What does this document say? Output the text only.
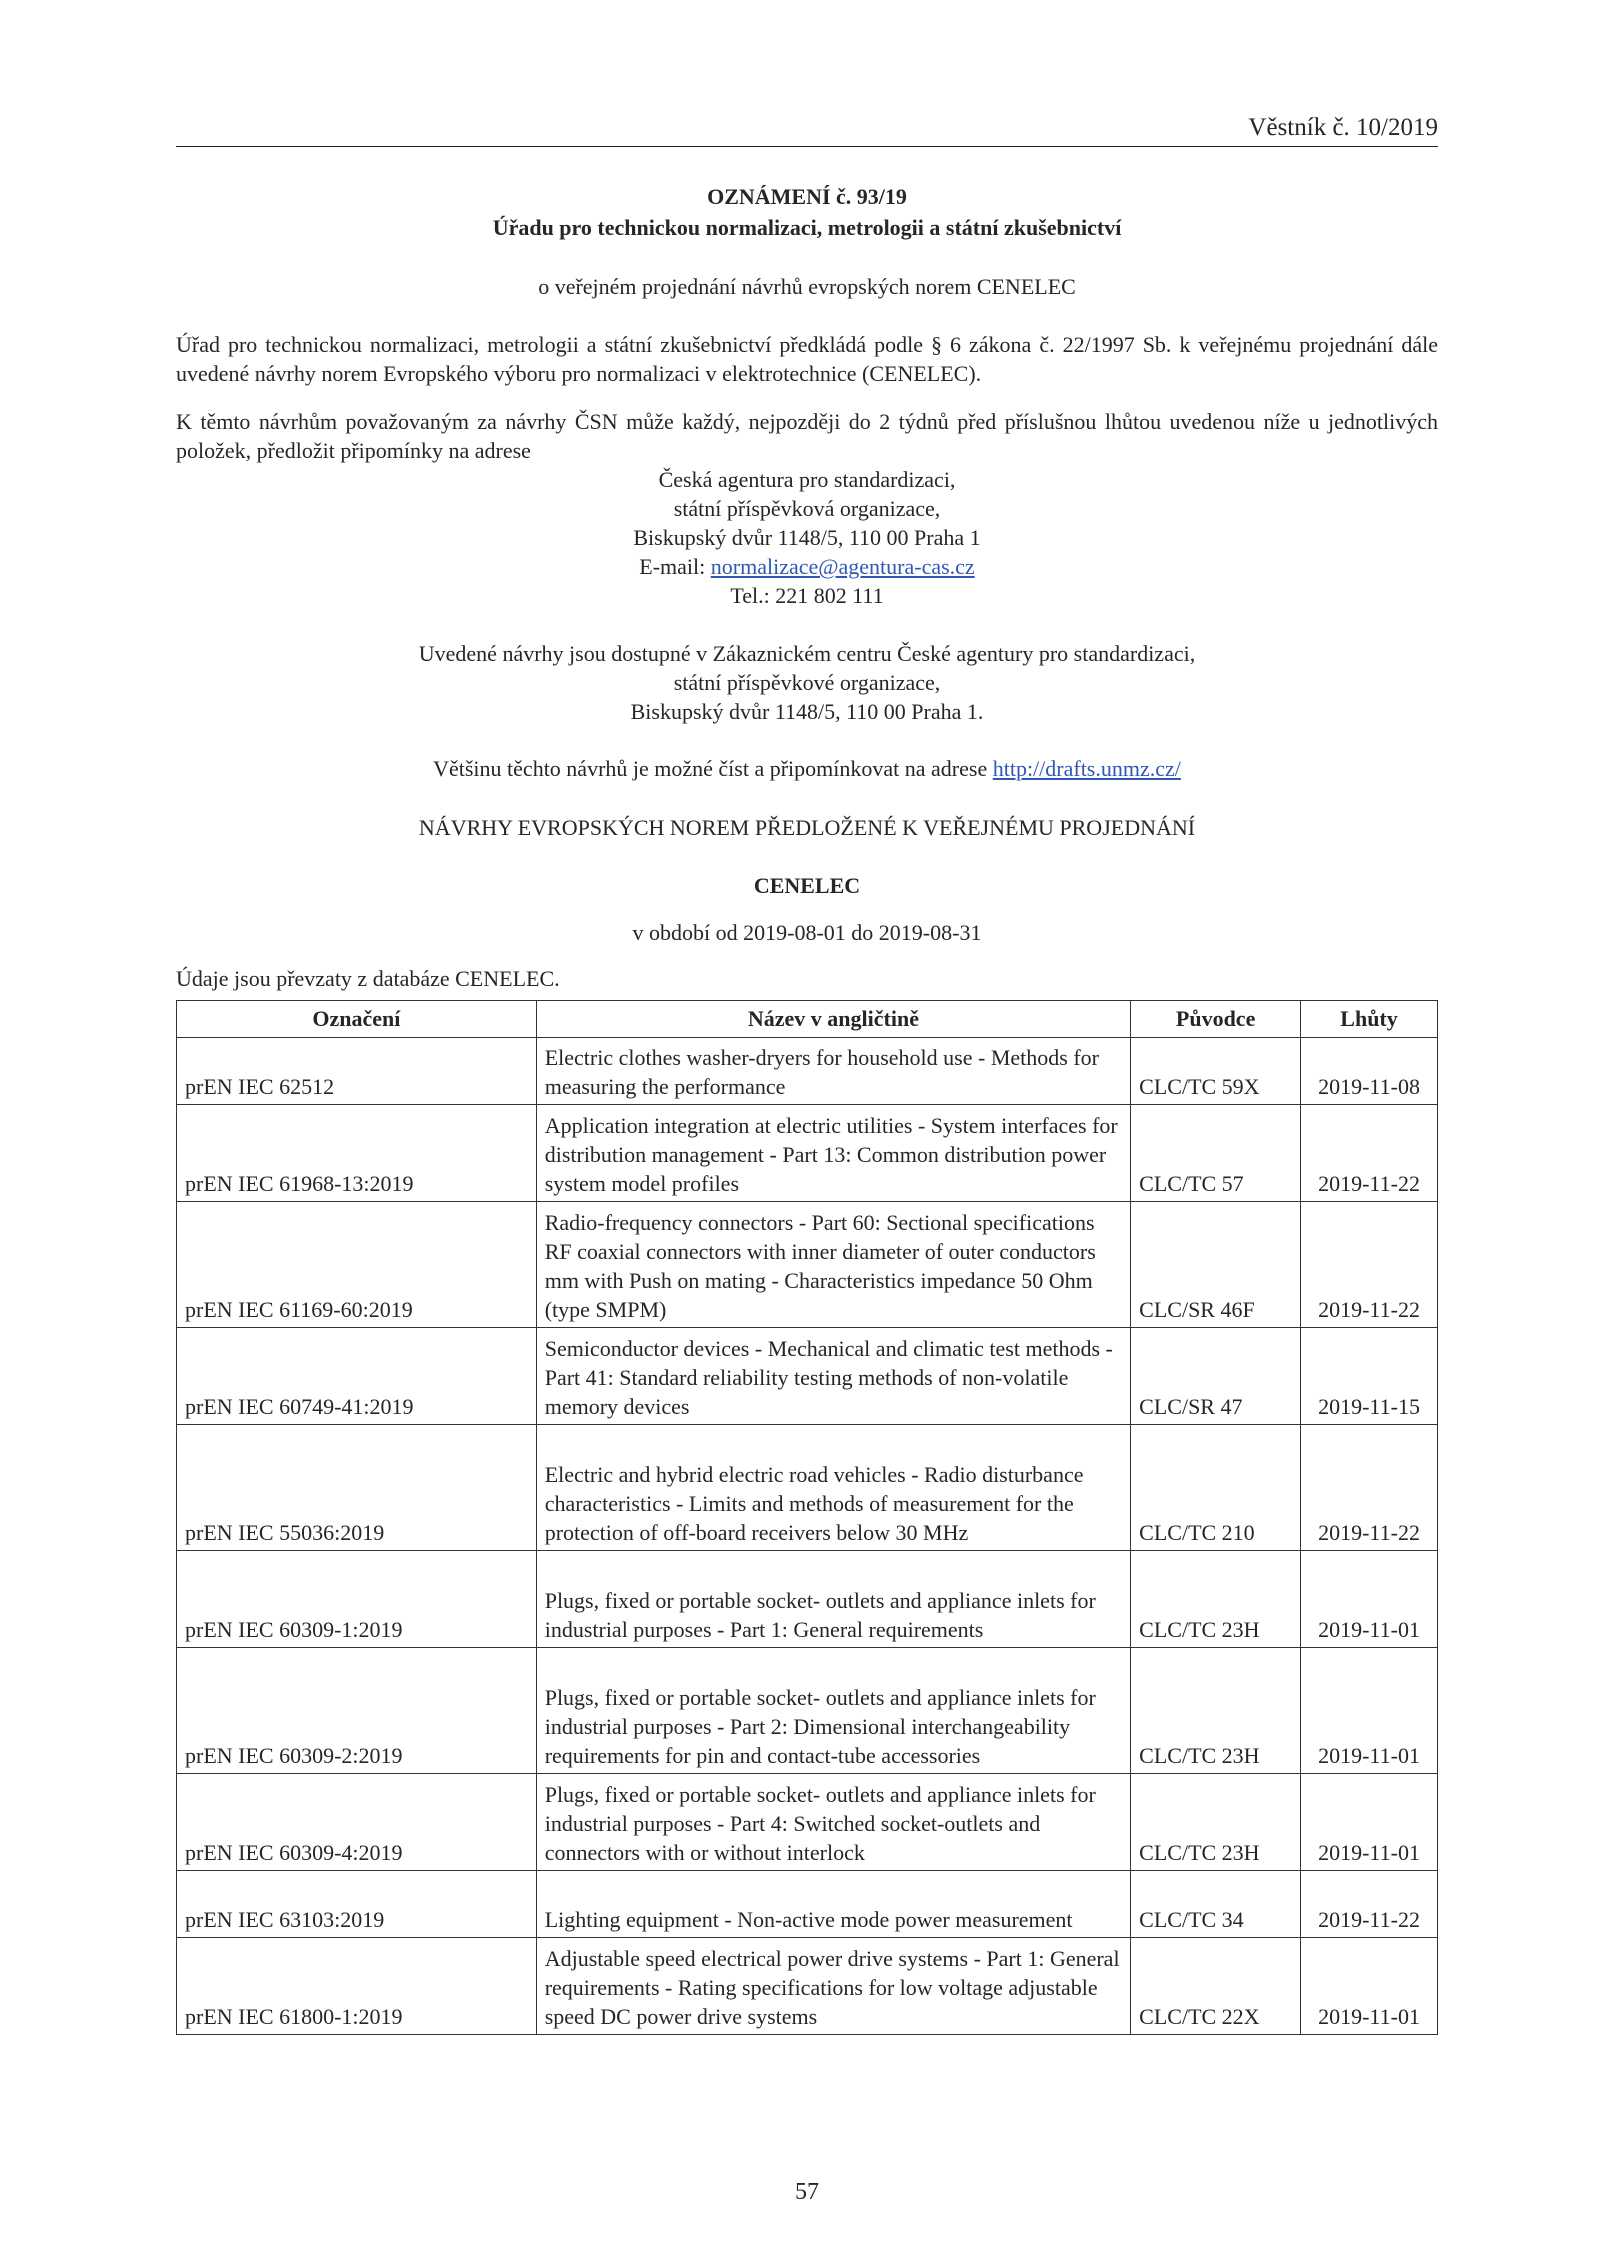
Věstník č. 10/2019
OZNÁMENÍ č. 93/19
Úřadu pro technickou normalizaci, metrologii a státní zkušebnictví
o veřejném projednání návrhů evropských norem CENELEC
Úřad pro technickou normalizaci, metrologii a státní zkušebnictví předkládá podle § 6 zákona č. 22/1997 Sb. k veřejnému projednání dále uvedené návrhy norem Evropského výboru pro normalizaci v elektrotechnice (CENELEC).
K těmto návrhům považovaným za návrhy ČSN může každý, nejpozději do 2 týdnů před příslušnou lhůtou uvedenou níže u jednotlivých položek, předložit připomínky na adrese
Česká agentura pro standardizaci,
státní příspěvková organizace,
Biskupský dvůr 1148/5, 110 00 Praha 1
E-mail: normalizace@agentura-cas.cz
Tel.: 221 802 111
Uvedené návrhy jsou dostupné v Zákaznickém centru České agentury pro standardizaci,
státní příspěvkové organizace,
Biskupský dvůr 1148/5, 110 00 Praha 1.
Většinu těchto návrhů je možné číst a připomínkovat na adrese http://drafts.unmz.cz/
NÁVRHY EVROPSKÝCH NOREM PŘEDLOŽENÉ K VEŘEJNÉMU PROJEDNÁNÍ
CENELEC
v období od 2019-08-01 do 2019-08-31
Údaje jsou převzaty z databáze CENELEC.
Označení	Název v angličtině	Původce	Lhůty
prEN IEC 62512	Electric clothes washer-dryers for household use - Methods for measuring the performance	CLC/TC 59X	2019-11-08
prEN IEC 61968-13:2019	Application integration at electric utilities - System interfaces for distribution management - Part 13: Common distribution power system model profiles	CLC/TC 57	2019-11-22
prEN IEC 61169-60:2019	Radio-frequency connectors - Part 60: Sectional specifications RF coaxial connectors with inner diameter of outer conductors mm with Push on mating - Characteristics impedance 50 Ohm (type SMPM)	CLC/SR 46F	2019-11-22
prEN IEC 60749-41:2019	Semiconductor devices - Mechanical and climatic test methods - Part 41: Standard reliability testing methods of non-volatile memory devices	CLC/SR 47	2019-11-15
prEN IEC 55036:2019	Electric and hybrid electric road vehicles - Radio disturbance characteristics - Limits and methods of measurement for the protection of off-board receivers below 30 MHz	CLC/TC 210	2019-11-22
prEN IEC 60309-1:2019	Plugs, fixed or portable socket- outlets and appliance inlets for industrial purposes - Part 1: General requirements	CLC/TC 23H	2019-11-01
prEN IEC 60309-2:2019	Plugs, fixed or portable socket- outlets and appliance inlets for industrial purposes - Part 2: Dimensional interchangeability requirements for pin and contact-tube accessories	CLC/TC 23H	2019-11-01
prEN IEC 60309-4:2019	Plugs, fixed or portable socket- outlets and appliance inlets for industrial purposes - Part 4: Switched socket-outlets and connectors with or without interlock	CLC/TC 23H	2019-11-01
prEN IEC 63103:2019	Lighting equipment - Non-active mode power measurement	CLC/TC 34	2019-11-22
prEN IEC 61800-1:2019	Adjustable speed electrical power drive systems - Part 1: General requirements - Rating specifications for low voltage adjustable speed DC power drive systems	CLC/TC 22X	2019-11-01
57
